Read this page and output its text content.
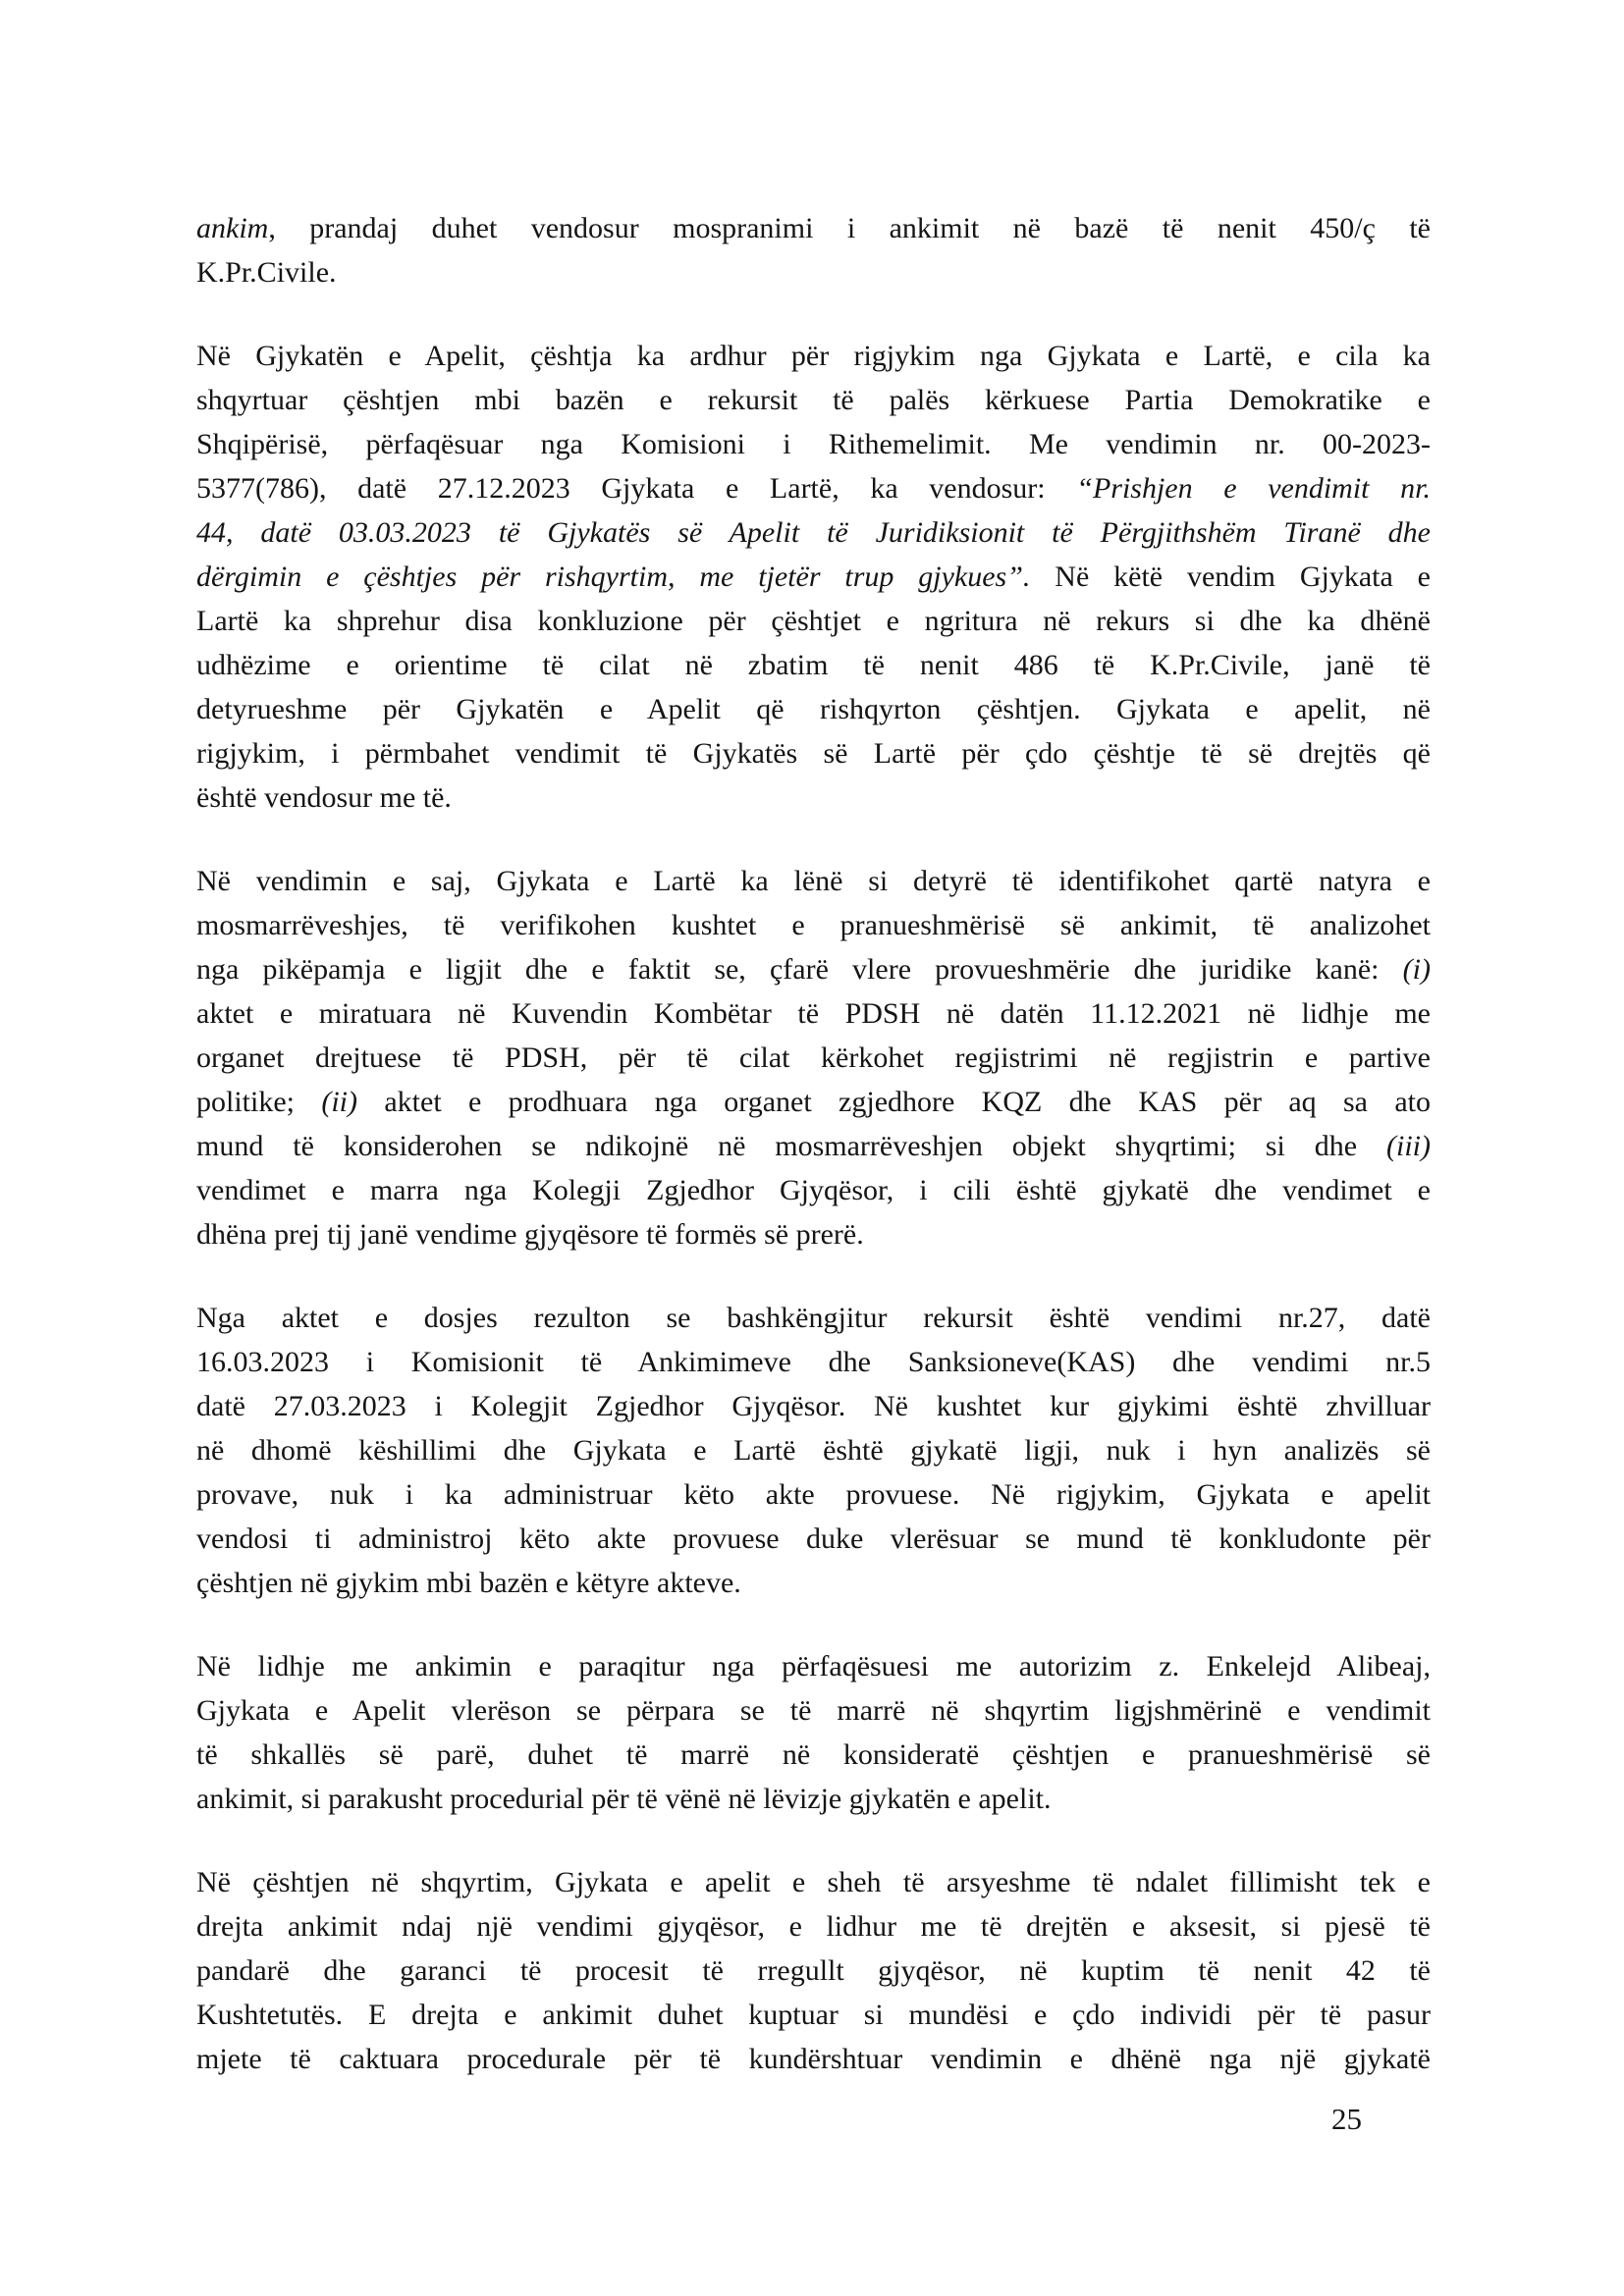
ankim, prandaj duhet vendosur mospranimi i ankimit në bazë të nenit 450/ç të
K.Pr.Civile.

Në Gjykatën e Apelit, çështja ka ardhur për rigjykim nga Gjykata e Lartë, e cila ka
shqyrtuar çështjen mbi bazën e rekursit të palës kërkuese Partia Demokratike e
Shqipërisë, përfaqësuar nga Komisioni i Rithemelimit. Me vendimin nr. 00-2023-
5377(786), datë 27.12.2023 Gjykata e Lartë, ka vendosur: “Prishjen e vendimit nr.
44, datë 03.03.2023 të Gjykatës së Apelit të Juridiksionit të Përgjithshëm Tiranë dhe
dërgimin e çështjes për rishqyrtim, me tjetër trup gjykues”. Në këtë vendim Gjykata e
Lartë ka shprehur disa konkluzione për çështjet e ngritura në rekurs si dhe ka dhënë
udhëzime e orientime të cilat në zbatim të nenit 486 të K.Pr.Civile, janë të
detyrueshme për Gjykatën e Apelit që rishqyrton çështjen. Gjykata e apelit, në
rigjykim, i përmbahet vendimit të Gjykatës së Lartë për çdo çështje të së drejtës që
është vendosur me të.

Në vendimin e saj, Gjykata e Lartë ka lënë si detyrë të identifikohet qartë natyra e
mosmarrëveshjes, të verifikohen kushtet e pranueshmërisë së ankimit, të analizohet
nga pikëpamja e ligjit dhe e faktit se, çfarë vlere provueshmërie dhe juridike kanë: (i)
aktet e miratuara në Kuvendin Kombëtar të PDSH në datën 11.12.2021 në lidhje me
organet drejtuese të PDSH, për të cilat kërkohet regjistrimi në regjistrin e partive
politike; (ii) aktet e prodhuara nga organet zgjedhore KQZ dhe KAS për aq sa ato
mund të konsiderohen se ndikojnë në mosmarrëveshjen objekt shyqrtimi; si dhe (iii)
vendimet e marra nga Kolegji Zgjedhor Gjyqësor, i cili është gjykatë dhe vendimet e
dhëna prej tij janë vendime gjyqësore të formës së prerë.

Nga aktet e dosjes rezulton se bashkëngjitur rekursit është vendimi nr.27, datë
16.03.2023 i Komisionit të Ankimimeve dhe Sanksioneve(KAS) dhe vendimi nr.5
datë 27.03.2023 i Kolegjit Zgjedhor Gjyqësor. Në kushtet kur gjykimi është zhvilluar
në dhomë këshillimi dhe Gjykata e Lartë është gjykatë ligji, nuk i hyn analizës së
provave, nuk i ka administruar këto akte provuese. Në rigjykim, Gjykata e apelit
vendosi ti administroj këto akte provuese duke vlerësuar se mund të konkludonte për
çështjen në gjykim mbi bazën e këtyre akteve.

Në lidhje me ankimin e paraqitur nga përfaqësuesi me autorizim z. Enkelejd Alibeaj,
Gjykata e Apelit vlerëson se përpara se të marrë në shqyrtim ligjshmërinë e vendimit
të shkallës së parë, duhet të marrë në konsideratë çështjen e pranueshmërisë së
ankimit, si parakusht procedurial për të vënë në lëvizje gjykatën e apelit.

Në çështjen në shqyrtim, Gjykata e apelit e sheh të arsyeshme të ndalet fillimisht tek e
drejta ankimit ndaj një vendimi gjyqësor, e lidhur me të drejtën e aksesit, si pjesë të
pandarë dhe garanci të procesit të rregullt gjyqësor, në kuptim të nenit 42 të
Kushtetutës. E drejta e ankimit duhet kuptuar si mundësi e çdo individi për të pasur
mjete të caktuara procedurale për të kundërshtuar vendimin e dhënë nga një gjykatë

25
